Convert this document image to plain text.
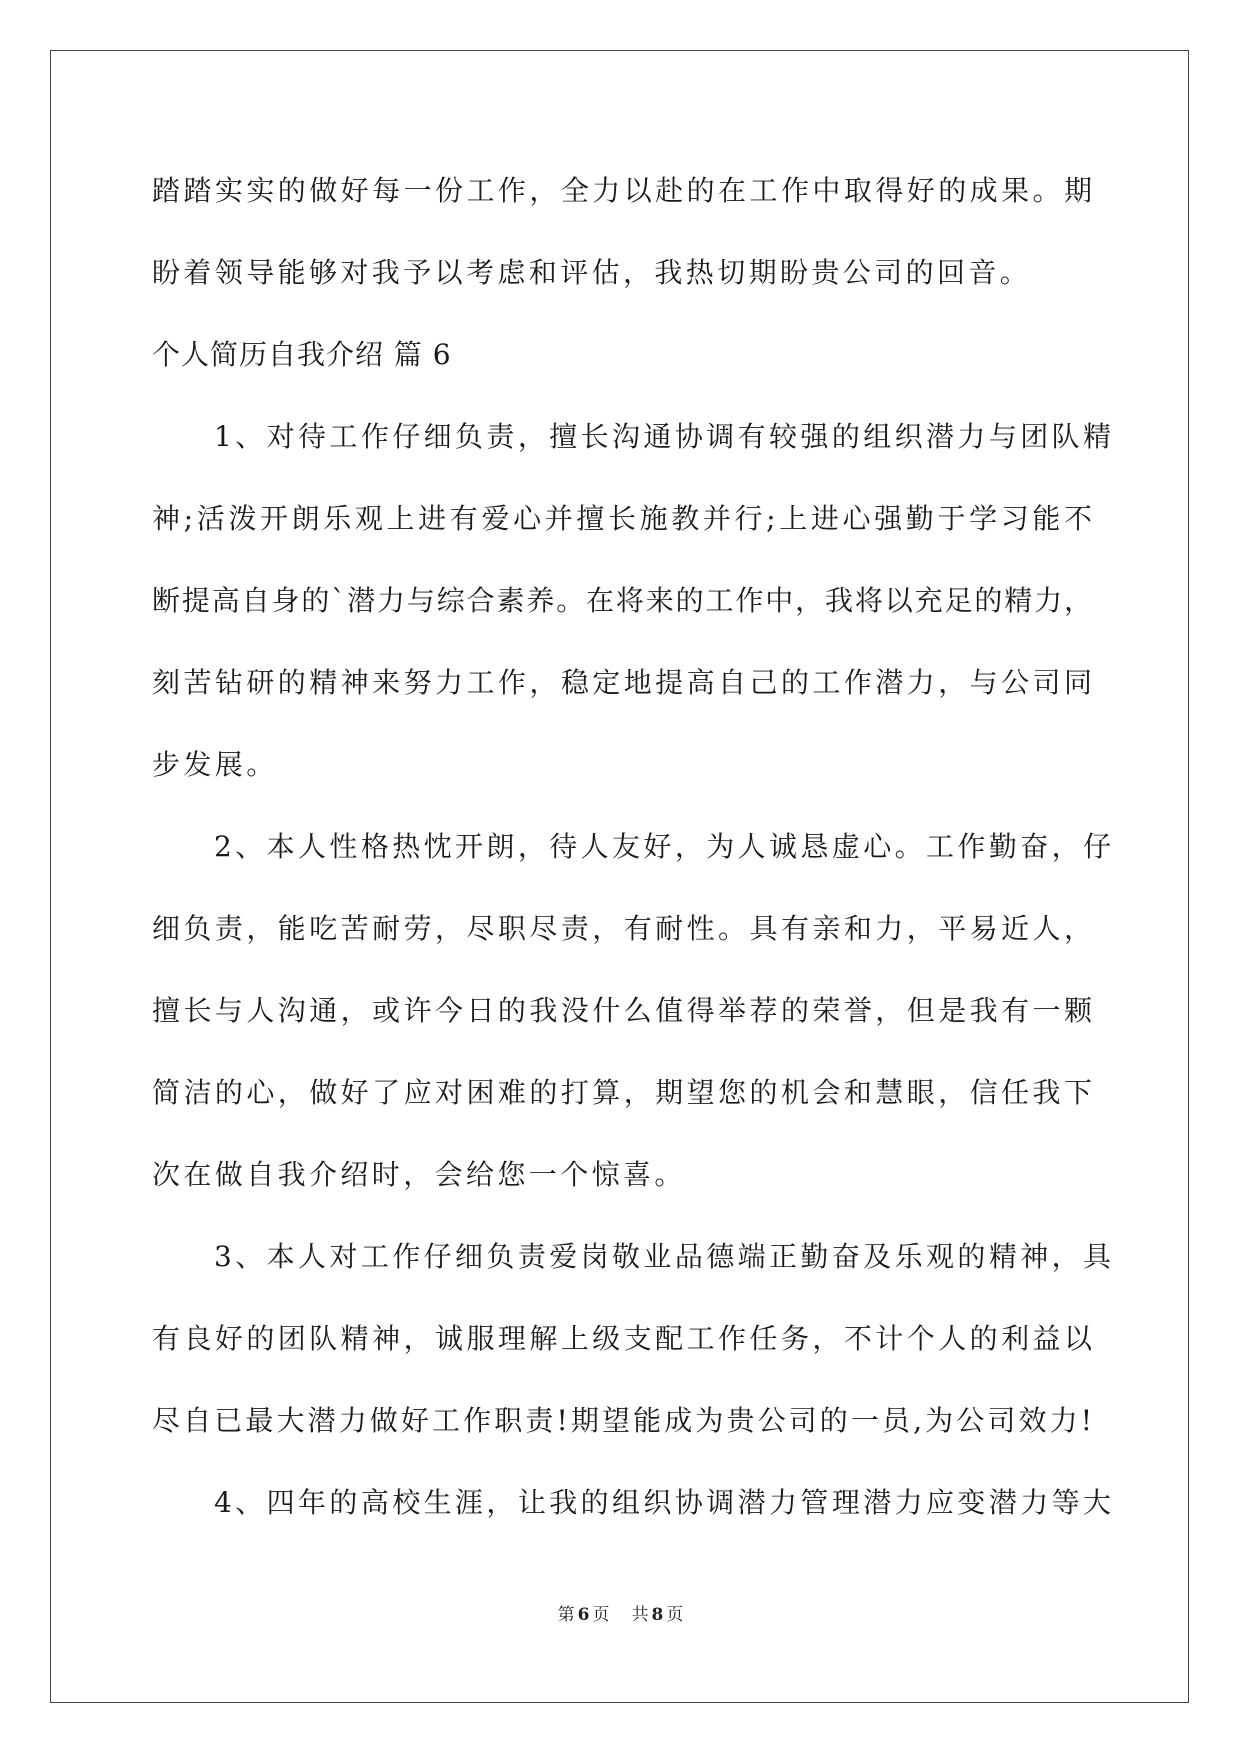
踏踏实实的做好每一份工作，全力以赴的在工作中取得好的成果。期
盼着领导能够对我予以考虑和评估，我热切期盼贵公司的回音。
个人简历自我介绍 篇 6
1、对待工作仔细负责，擅长沟通协调有较强的组织潜力与团队精
神;活泼开朗乐观上进有爱心并擅长施教并行;上进心强勤于学习能不
断提高自身的`潜力与综合素养。在将来的工作中，我将以充足的精力，
刻苦钻研的精神来努力工作，稳定地提高自己的工作潜力，与公司同
步发展。
2、本人性格热忱开朗，待人友好，为人诚恳虚心。工作勤奋，仔
细负责，能吃苦耐劳，尽职尽责，有耐性。具有亲和力，平易近人，
擅长与人沟通，或许今日的我没什么值得举荐的荣誉，但是我有一颗
简洁的心，做好了应对困难的打算，期望您的机会和慧眼，信任我下
次在做自我介绍时，会给您一个惊喜。
3、本人对工作仔细负责爱岗敬业品德端正勤奋及乐观的精神，具
有良好的团队精神，诚服理解上级支配工作任务，不计个人的利益以
尽自已最大潜力做好工作职责!期望能成为贵公司的一员,为公司效力!
4、四年的高校生涯，让我的组织协调潜力管理潜力应变潜力等大
第 6 页 共 8 页
